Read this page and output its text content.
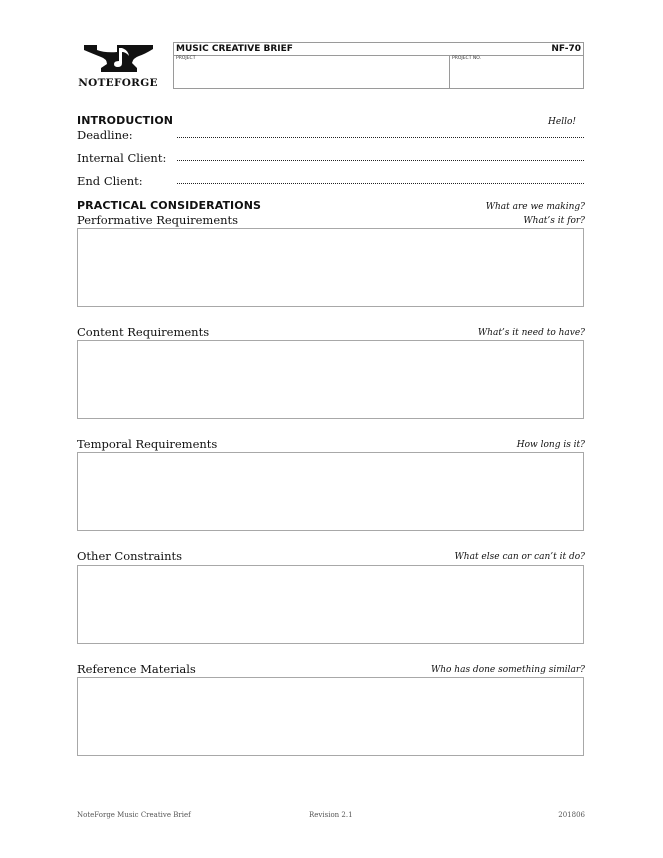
NOTEFORGE
MUSIC CREATIVE BRIEF	NF-70
PROJECT	PROJECT NO.
INTRODUCTION	Hello!
Deadline:
Internal Client:
End Client:
PRACTICAL CONSIDERATIONS	What are we making?
Performative Requirements	What’s it for?
Content Requirements	What’s it need to have?
Temporal Requirements	How long is it?
Other Constraints	What else can or can’t it do?
Reference Materials	Who has done something similar?
NoteForge Music Creative Brief	Revision 2.1	201806
